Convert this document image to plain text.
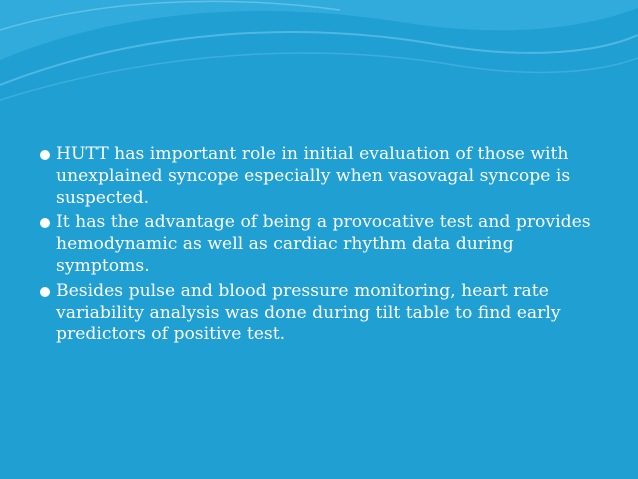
HUTT has important role in initial evaluation of those with unexplained syncope especially when vasovagal syncope is suspected.
It has the advantage of being a provocative test and provides hemodynamic as well as cardiac rhythm data during symptoms.
Besides pulse and blood pressure monitoring, heart rate variability analysis was done during tilt table to find early predictors of positive test.
